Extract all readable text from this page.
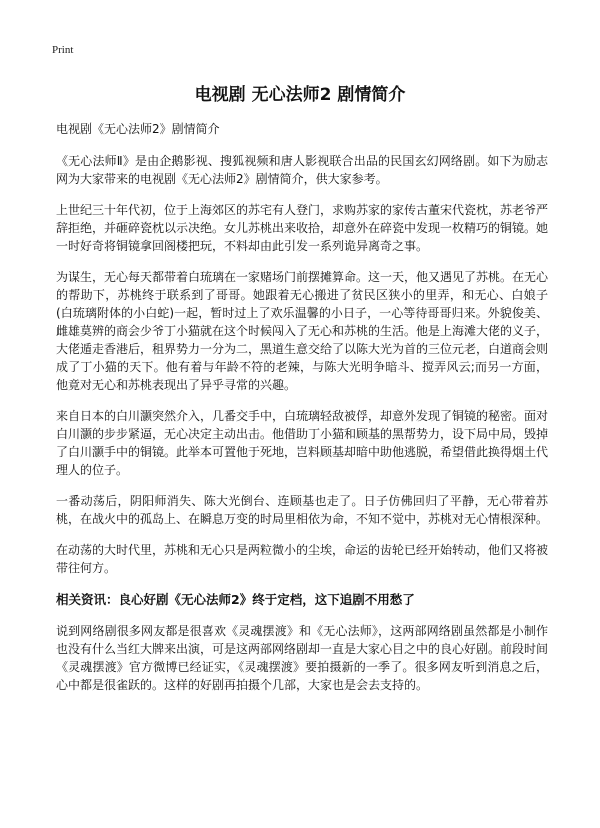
Print
电视剧 无心法师2 剧情简介
电视剧《无心法师2》剧情简介

《无心法师Ⅱ》是由企鹅影视、搜狐视频和唐人影视联合出品的民国玄幻网络剧。如下为励志网为大家带来的电视剧《无心法师2》剧情简介，供大家参考。

上世纪三十年代初，位于上海郊区的苏宅有人登门，求购苏家的家传古董宋代瓷枕，苏老爷严辞拒绝，并砸碎瓷枕以示决绝。女儿苏桃出来收拾，却意外在碎瓷中发现一枚精巧的铜镜。她一时好奇将铜镜拿回阁楼把玩，不料却由此引发一系列诡异离奇之事。

为谋生，无心每天都带着白琉璃在一家赌场门前摆摊算命。这一天，他又遇见了苏桃。在无心的帮助下，苏桃终于联系到了哥哥。她跟着无心搬进了贫民区狭小的里弄，和无心、白娘子(白琉璃附体的小白蛇)一起，暂时过上了欢乐温馨的小日子，一心等待哥哥归来。外貌俊美、雌雄莫辨的商会少爷丁小猫就在这个时候闯入了无心和苏桃的生活。他是上海滩大佬的义子，大佬遁走香港后，租界势力一分为二，黑道生意交给了以陈大光为首的三位元老，白道商会则成了丁小猫的天下。他有着与年龄不符的老辣，与陈大光明争暗斗、搅弄风云;而另一方面，他竟对无心和苏桃表现出了异乎寻常的兴趣。

来自日本的白川灏突然介入，几番交手中，白琉璃轻敌被俘，却意外发现了铜镜的秘密。面对白川灏的步步紧逼，无心决定主动出击。他借助丁小猫和顾基的黑帮势力，设下局中局，毁掉了白川灏手中的铜镜。此举本可置他于死地，岂料顾基却暗中助他逃脱，希望借此换得烟土代理人的位子。

一番动荡后，阴阳师消失、陈大光倒台、连顾基也走了。日子仿佛回归了平静，无心带着苏桃，在战火中的孤岛上、在瞬息万变的时局里相依为命，不知不觉中，苏桃对无心情根深种。

在动荡的大时代里，苏桃和无心只是两粒微小的尘埃，命运的齿轮已经开始转动，他们又将被带往何方。

相关资讯：良心好剧《无心法师2》终于定档，这下追剧不用愁了

说到网络剧很多网友都是很喜欢《灵魂摆渡》和《无心法师》，这两部网络剧虽然都是小制作也没有什么当红大牌来出演，可是这两部网络剧却一直是大家心目之中的良心好剧。前段时间《灵魂摆渡》官方微博已经证实，《灵魂摆渡》要拍摄新的一季了。很多网友听到消息之后，心中都是很雀跃的。这样的好剧再拍摄个几部，大家也是会去支持的。
